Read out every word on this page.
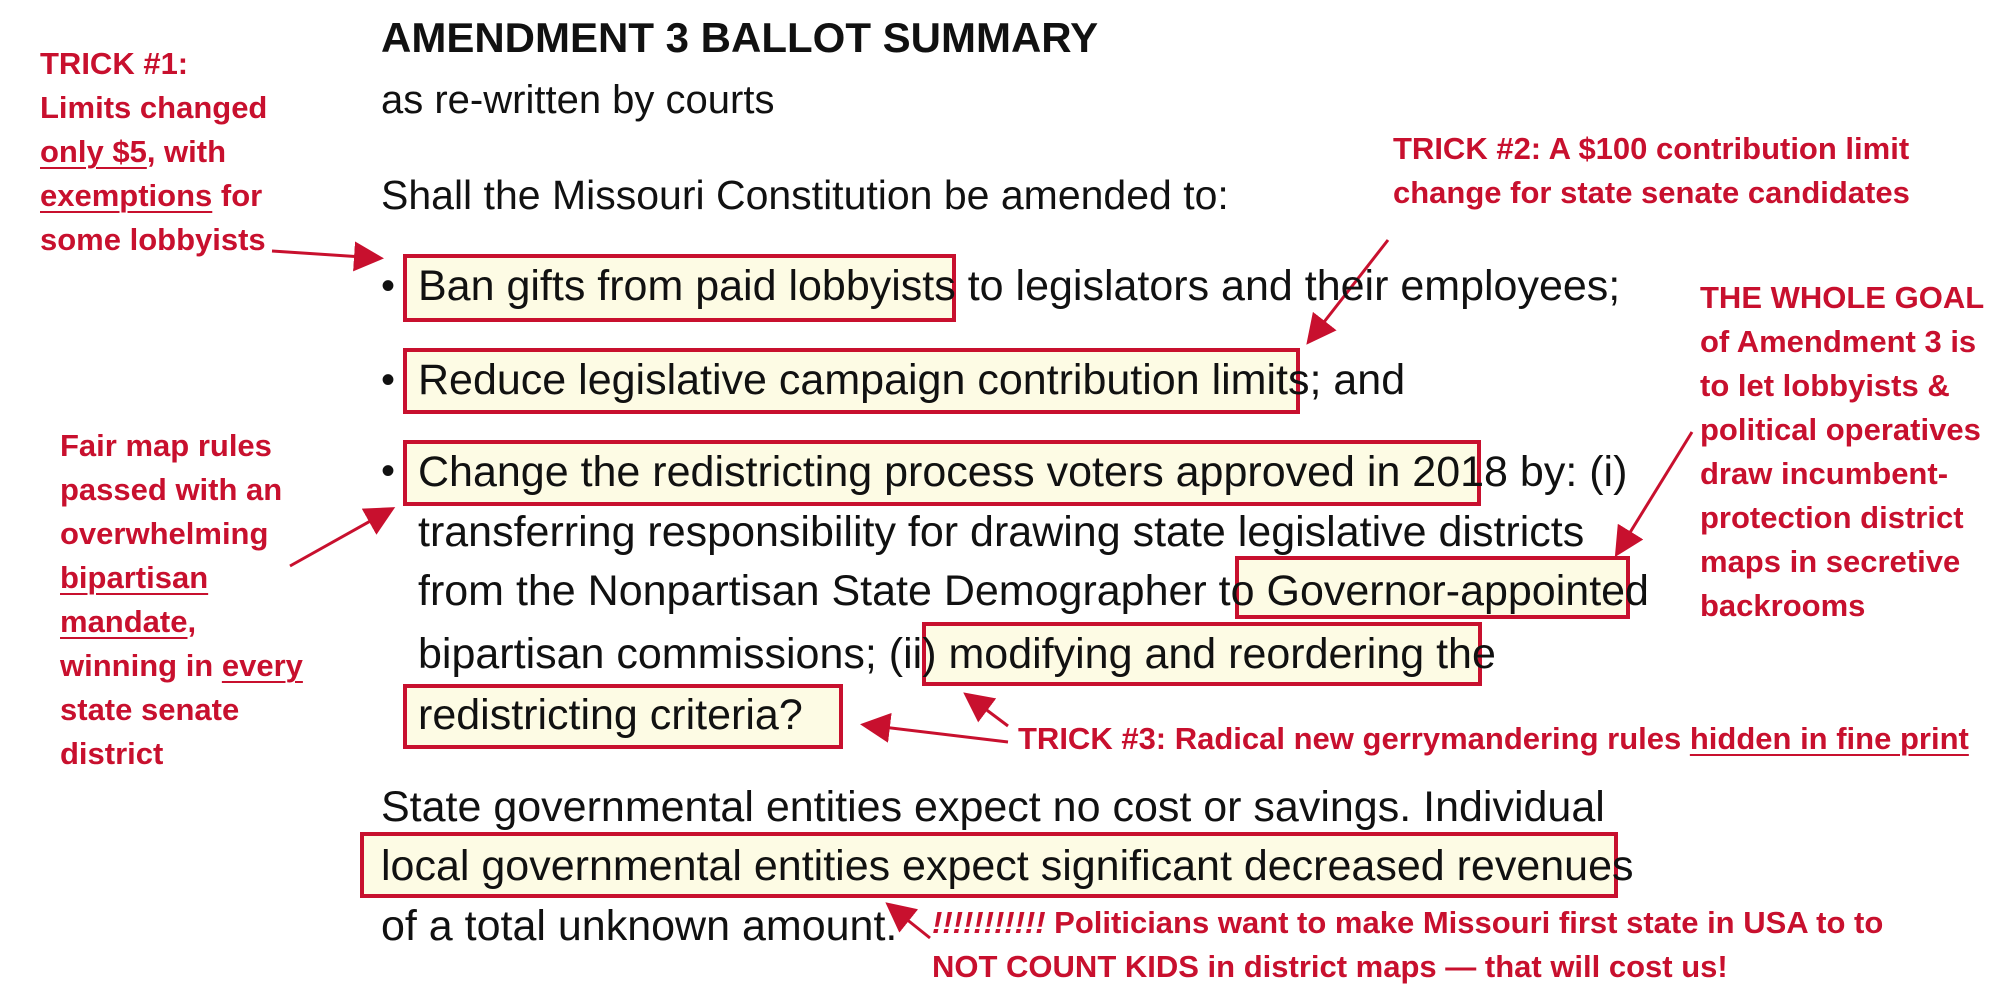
AMENDMENT 3 BALLOT SUMMARY
as re-written by courts
Shall the Missouri Constitution be amended to:
• Ban gifts from paid lobbyists to legislators and their employees;
• Reduce legislative campaign contribution limits; and
• Change the redistricting process voters approved in 2018 by: (i)
transferring responsibility for drawing state legislative districts
from the Nonpartisan State Demographer to Governor-appointed
bipartisan commissions; (ii) modifying and reordering the
redistricting criteria?
State governmental entities expect no cost or savings. Individual
local governmental entities expect significant decreased revenues
of a total unknown amount.
TRICK #1:
Limits changed
only $5, with
exemptions for
some lobbyists
TRICK #2: A $100 contribution limit
change for state senate candidates
THE WHOLE GOAL
of Amendment 3 is
to let lobbyists &
political operatives
draw incumbent-
protection district
maps in secretive
backrooms
Fair map rules
passed with an
overwhelming
bipartisan
mandate,
winning in every
state senate
district	TRICK #3: Radical new gerrymandering rules hidden in fine print
!!!!!!!!!!! Politicians want to make Missouri first state in USA to to
NOT COUNT KIDS in district maps — that will cost us!
